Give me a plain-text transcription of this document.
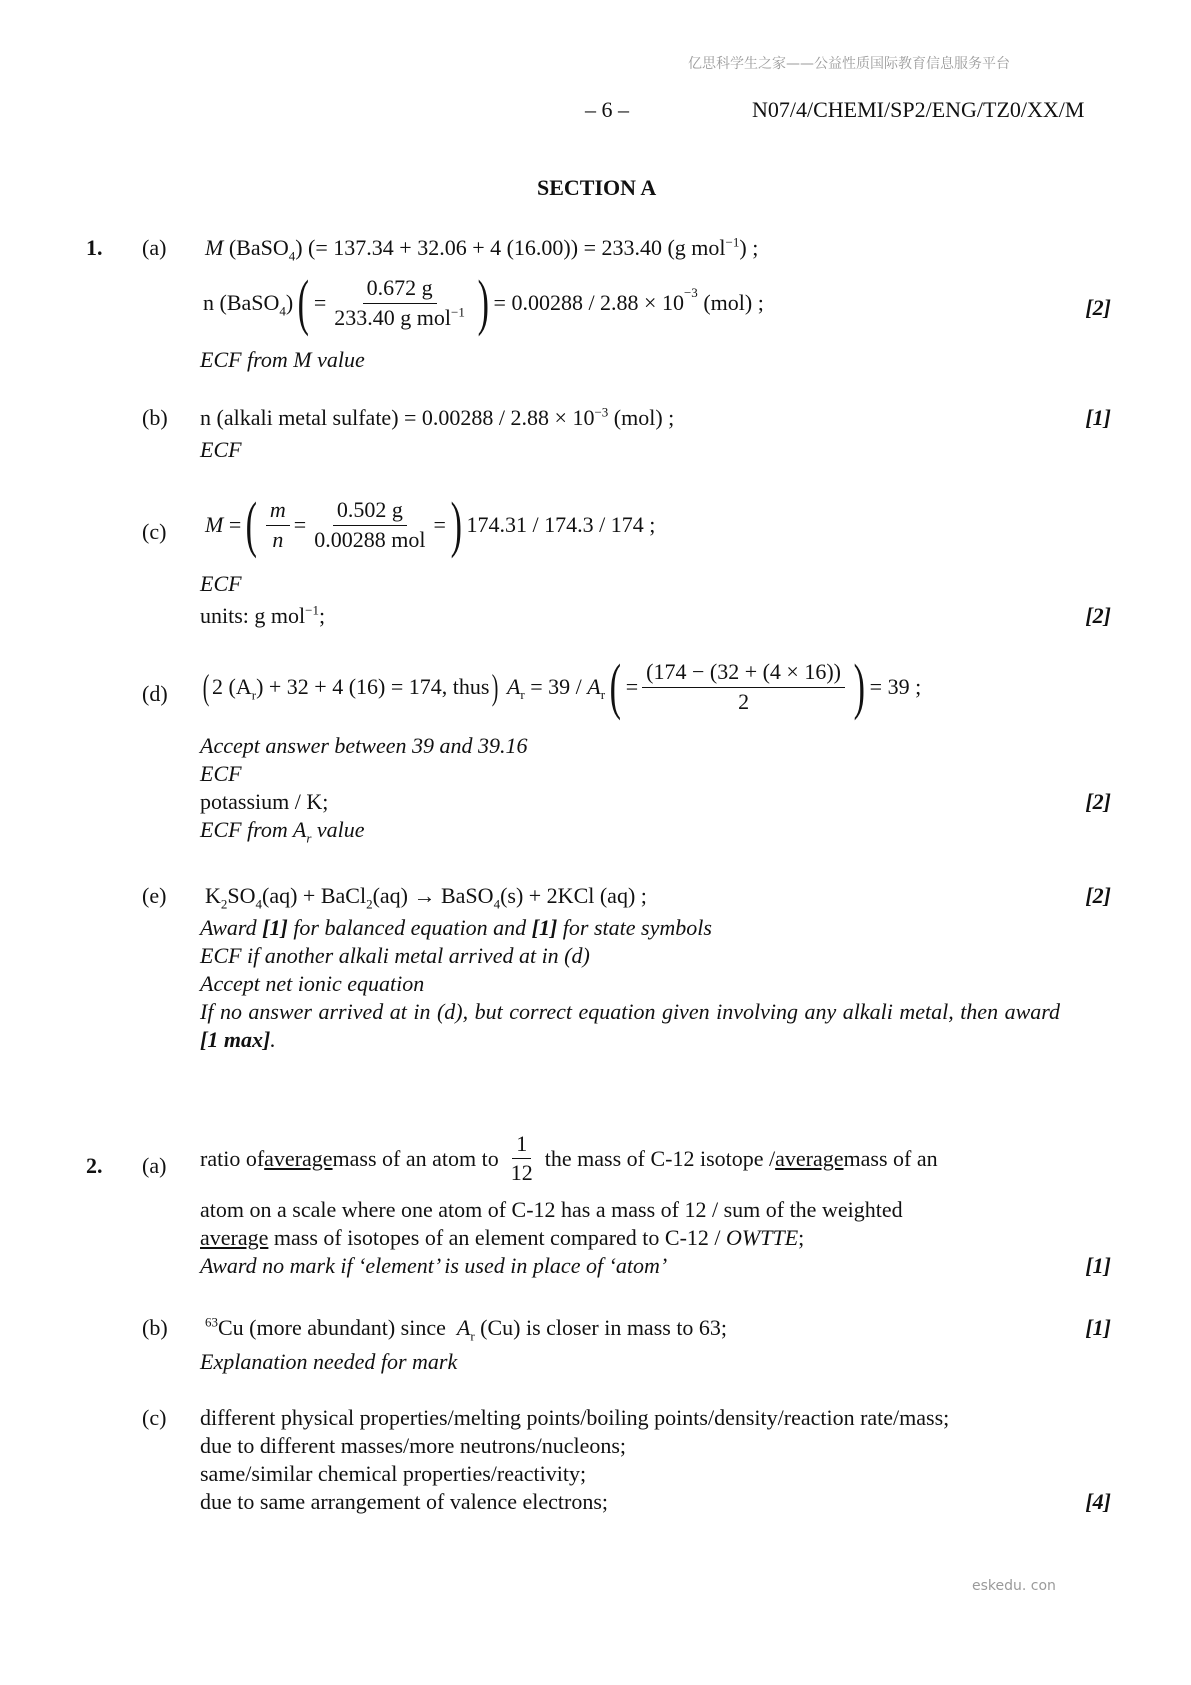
亿思科学生之家——公益性质国际教育信息服务平台
– 6 –	N07/4/CHEMI/SP2/ENG/TZ0/XX/M
SECTION A
1. (a) M (BaSO$_4$) (= 137.34 + 32.06 + 4 (16.00)) = 233.40 (g mol$^{-1}$) ;
n (BaSO$_4$) ( = $\frac{0.672 g}{233.40 g mol^{-1}}$ ) = $0.00288 / 2.88 \times 10^{-3}$
(mol) ;	[2]
ECF from M value
(b) n (alkali metal sulfate) = $0.00288 / 2.88 \times 10^{-3}$ (mol) ;	[1]
ECF
(c) M = ( $\frac{m}{n} = \frac{0.502 g}{\text{0.00288 mol}}$ = ) 174.31 / 174.3 / 174 ;
ECF
units: g mol$^{-1}$;	[2]
(d) ( 2 $(A_r) + 32 + 4$ (16) = 174, thus )
$A_r$
= 39 /
$A_r$ ( = $\frac{(174 - (32 + (4 \times 16))}{2}$ ) = 39 ;
Accept answer between 39 and 39.16
ECF
potassium / K;	[2]
ECF from $A_r$ value
(e) $K_2SO_4(aq)$ + BaCl$_2$(aq) → BaSO$_4$(s) + 2KCl (aq) ;	[2]
Award [1] for balanced equation and [1] for state symbols
ECF if another alkali metal arrived at in (d)
Accept net ionic equation
If no answer arrived at in (d), but correct equation given involving any alkali metal, then award [1 max].
2. (a) ratio of average mass of an atom to $\frac{1}{12}$ the mass of C-12 isotope / average mass of an
atom on a scale where one atom of C-12 has a mass of 12 / sum of the weighted
average mass of isotopes of an element compared to C-12 / OWTTE;
Award no mark if ‘element’ is used in place of ‘atom’	[1]
(b)	$^{63}$Cu (more abundant) since $A_r$ (Cu) is closer in mass to 63;	[1]
Explanation needed for mark
(c) different physical properties/melting points/boiling points/density/reaction rate/mass;
due to different masses/more neutrons/nucleons;
same/similar chemical properties/reactivity;
due to same arrangement of valence electrons;	[4]
eskedu. con
